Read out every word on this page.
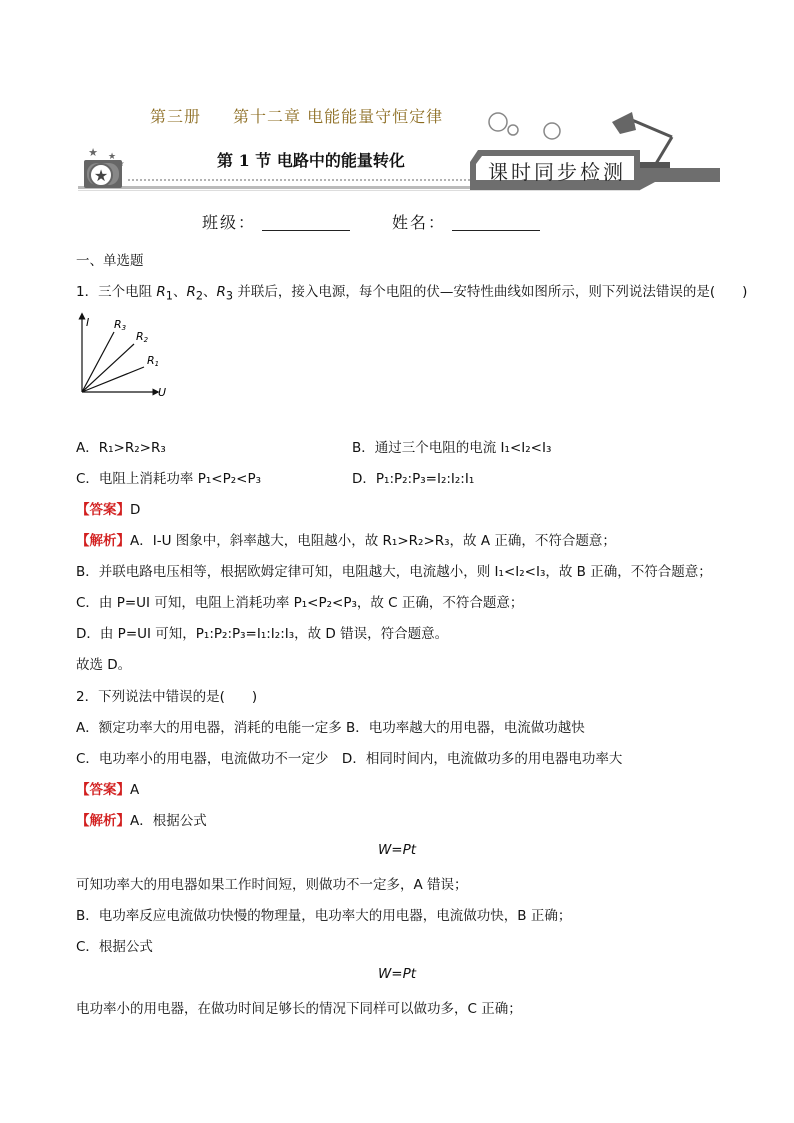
★
★ ★
★
第三册 第十二章 电能能量守恒定律
第 1 节 电路中的能量转化	课时同步检测
班级：	姓名：
一、单选题
1．三个电阻 $R_1$、$R_2$、$R_3$ 并联后，接入电源，每个电阻的伏—安特性曲线如图所示，则下列说法错误的是(　　)
I
U
R3
R2
R1
A．R₁>R₂>R₃	B．通过三个电阻的电流 I₁<I₂<I₃
C．电阻上消耗功率 P₁<P₂<P₃	D．P₁:P₂:P₃=I₂:I₂:I₁
【答案】D
【解析】A．I-U 图象中，斜率越大，电阻越小，故 R₁>R₂>R₃，故 A 正确，不符合题意；
B．并联电路电压相等，根据欧姆定律可知，电阻越大，电流越小，则 I₁<I₂<I₃，故 B 正确，不符合题意；
C．由 P=UI 可知，电阻上消耗功率 P₁<P₂<P₃，故 C 正确，不符合题意；
D．由 P=UI 可知，P₁:P₂:P₃=I₁:I₂:I₃，故 D 错误，符合题意。
故选 D。
2．下列说法中错误的是(　　)
A．额定功率大的用电器，消耗的电能一定多 B．电功率越大的用电器，电流做功越快
C．电功率小的用电器，电流做功不一定少　D．相同时间内，电流做功多的用电器电功率大
【答案】A
【解析】A．根据公式
W=Pt
可知功率大的用电器如果工作时间短，则做功不一定多，A 错误；
B．电功率反应电流做功快慢的物理量，电功率大的用电器，电流做功快，B 正确；
C．根据公式
W=Pt
电功率小的用电器，在做功时间足够长的情况下同样可以做功多，C 正确；
